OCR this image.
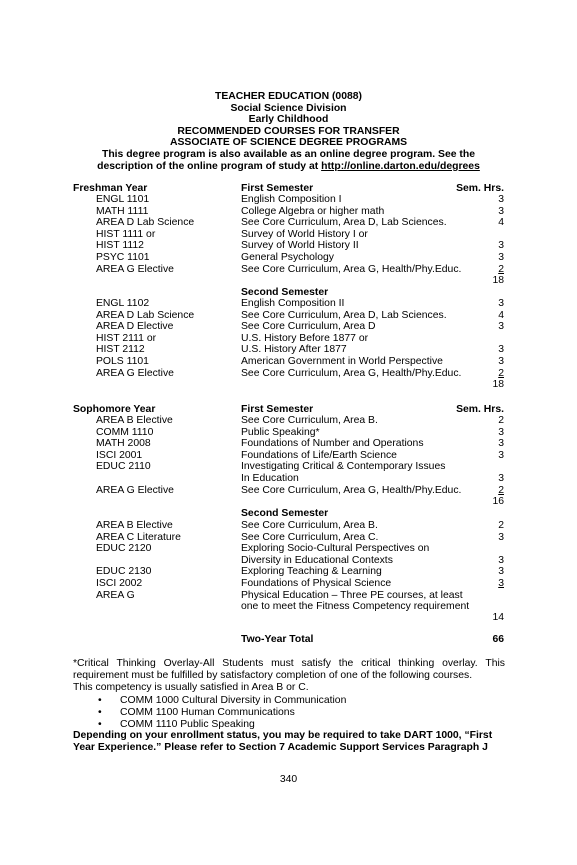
TEACHER EDUCATION (0088)
Social Science Division
Early Childhood
RECOMMENDED COURSES FOR TRANSFER
ASSOCIATE OF SCIENCE DEGREE PROGRAMS
This degree program is also available as an online degree program. See the
description of the online program of study at http://online.darton.edu/degrees
Freshman Year	First Semester	Sem. Hrs.
ENGL 1101	English Composition I	3
MATH 1111	College Algebra or higher math	3
AREA D Lab Science	See Core Curriculum, Area D, Lab Sciences.	4
HIST 1111 or	Survey of World History I or
HIST 1112	Survey of World History II	3
PSYC 1101	General Psychology	3
AREA G Elective	See Core Curriculum, Area G, Health/Phy.Educ.	2
18
Second Semester
ENGL 1102	English Composition II	3
AREA D Lab Science	See Core Curriculum, Area D, Lab Sciences.	4
AREA D Elective	See Core Curriculum, Area D	3
HIST 2111 or	U.S. History Before 1877 or
HIST 2112	U.S. History After 1877	3
POLS 1101	American Government in World Perspective	3
AREA G Elective	See Core Curriculum, Area G, Health/Phy.Educ.	2
18
Sophomore Year	First Semester	Sem. Hrs.
AREA B Elective	See Core Curriculum, Area B.	2
COMM 1110	Public Speaking*	3
MATH 2008	Foundations of Number and Operations	3
ISCI 2001	Foundations of Life/Earth Science	3
EDUC 2110	Investigating Critical & Contemporary Issues
In Education	3
AREA G Elective	See Core Curriculum, Area G, Health/Phy.Educ.	2
16
Second Semester
AREA B Elective	See Core Curriculum, Area B.	2
AREA C Literature	See Core Curriculum, Area C.	3
EDUC 2120	Exploring Socio-Cultural Perspectives on
Diversity in Educational Contexts	3
EDUC 2130	Exploring Teaching & Learning	3
ISCI 2002	Foundations of Physical Science	3
AREA G	Physical Education – Three PE courses, at least
one to meet the Fitness Competency requirement
14
Two-Year Total	66
*Critical Thinking Overlay-All Students must satisfy the critical thinking overlay. This requirement must be fulfilled by satisfactory completion of one of the following courses.
This competency is usually satisfied in Area B or C.
• COMM 1000 Cultural Diversity in Communication
• COMM 1100 Human Communications
• COMM 1110 Public Speaking
Depending on your enrollment status, you may be required to take DART 1000, “First Year Experience.” Please refer to Section 7 Academic Support Services Paragraph J
340
